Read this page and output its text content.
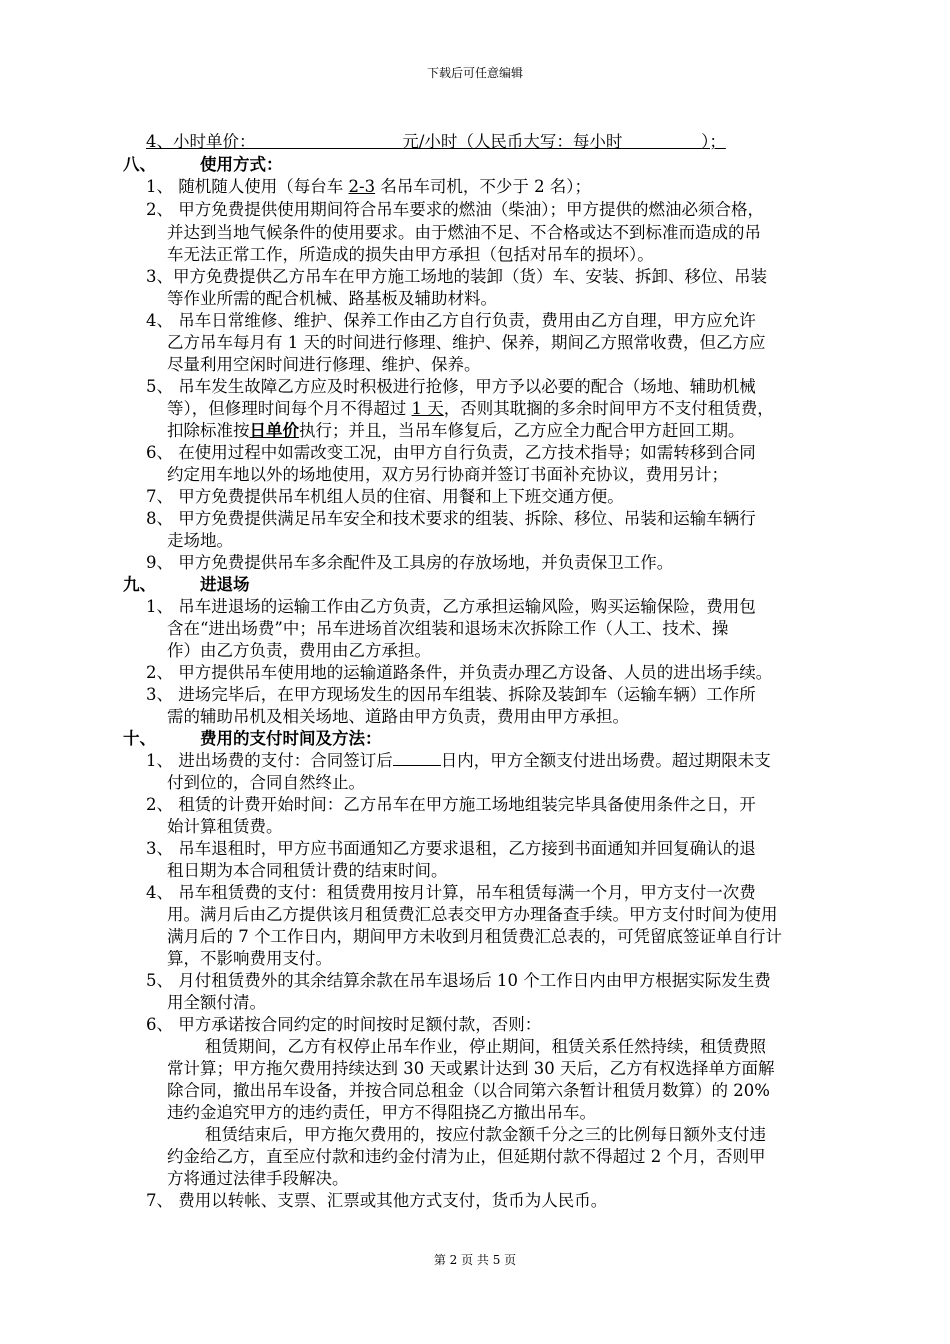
下载后可任意编辑
4、小时单价：	元/小时（人民币大写：每小时	）；
八、	使用方式：
1、 随机随人使用（每台车 2-3 名吊车司机，不少于 2 名）；
2、 甲方免费提供使用期间符合吊车要求的燃油（柴油）；甲方提供的燃油必须合格，
并达到当地气候条件的使用要求。由于燃油不足、不合格或达不到标准而造成的吊
车无法正常工作，所造成的损失由甲方承担（包括对吊车的损坏）。
3、甲方免费提供乙方吊车在甲方施工场地的装卸（货）车、安装、拆卸、移位、吊装
等作业所需的配合机械、路基板及辅助材料。
4、 吊车日常维修、维护、保养工作由乙方自行负责，费用由乙方自理，甲方应允许
乙方吊车每月有 1 天的时间进行修理、维护、保养，期间乙方照常收费，但乙方应
尽量利用空闲时间进行修理、维护、保养。
5、 吊车发生故障乙方应及时积极进行抢修，甲方予以必要的配合（场地、辅助机械
等），但修理时间每个月不得超过 1 天，否则其耽搁的多余时间甲方不支付租赁费，
扣除标准按日单价执行；并且，当吊车修复后，乙方应全力配合甲方赶回工期。
6、 在使用过程中如需改变工况，由甲方自行负责，乙方技术指导；如需转移到合同
约定用车地以外的场地使用，双方另行协商并签订书面补充协议，费用另计；
7、 甲方免费提供吊车机组人员的住宿、用餐和上下班交通方便。
8、 甲方免费提供满足吊车安全和技术要求的组装、拆除、移位、吊装和运输车辆行
走场地。
9、 甲方免费提供吊车多余配件及工具房的存放场地，并负责保卫工作。
九、	进退场
1、 吊车进退场的运输工作由乙方负责，乙方承担运输风险，购买运输保险，费用包
含在“进出场费”中；吊车进场首次组装和退场末次拆除工作（人工、技术、操
作）由乙方负责，费用由乙方承担。
2、 甲方提供吊车使用地的运输道路条件，并负责办理乙方设备、人员的进出场手续。
3、 进场完毕后，在甲方现场发生的因吊车组装、拆除及装卸车（运输车辆）工作所
需的辅助吊机及相关场地、道路由甲方负责，费用由甲方承担。
十、	费用的支付时间及方法：
1、 进出场费的支付：合同签订后	日内，甲方全额支付进出场费。超过期限未支
付到位的，合同自然终止。
2、 租赁的计费开始时间：乙方吊车在甲方施工场地组装完毕具备使用条件之日，开
始计算租赁费。
3、 吊车退租时，甲方应书面通知乙方要求退租，乙方接到书面通知并回复确认的退
租日期为本合同租赁计费的结束时间。
4、 吊车租赁费的支付：租赁费用按月计算，吊车租赁每满一个月，甲方支付一次费
用。满月后由乙方提供该月租赁费汇总表交甲方办理备查手续。甲方支付时间为使用
满月后的 7 个工作日内，期间甲方未收到月租赁费汇总表的，可凭留底签证单自行计
算，不影响费用支付。
5、 月付租赁费外的其余结算余款在吊车退场后 10 个工作日内由甲方根据实际发生费
用全额付清。
6、 甲方承诺按合同约定的时间按时足额付款，否则：
租赁期间，乙方有权停止吊车作业，停止期间，租赁关系任然持续，租赁费照
常计算；甲方拖欠费用持续达到 30 天或累计达到 30 天后，乙方有权选择单方面解
除合同，撤出吊车设备，并按合同总租金（以合同第六条暂计租赁月数算）的 20%
违约金追究甲方的违约责任，甲方不得阻挠乙方撤出吊车。
租赁结束后，甲方拖欠费用的，按应付款金额千分之三的比例每日额外支付违
约金给乙方，直至应付款和违约金付清为止，但延期付款不得超过 2 个月，否则甲
方将通过法律手段解决。
7、 费用以转帐、支票、汇票或其他方式支付，货币为人民币。
第 2 页 共 5 页
